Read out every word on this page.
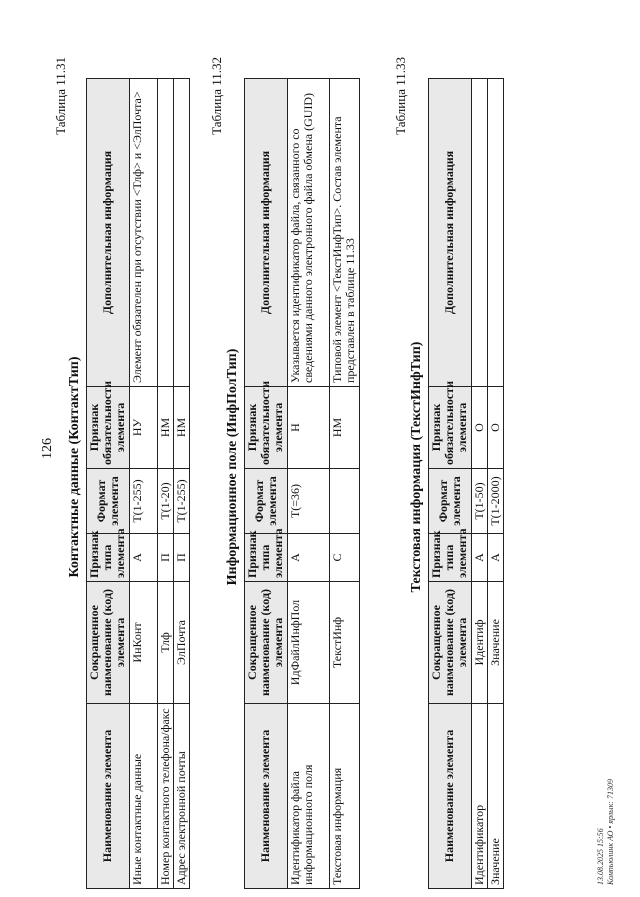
126
Таблица 11.31
Контактные данные (КонтактТип)
Наименование элемента	Сокращенное наименование (код) элемента	Признак типа элемента	Формат элемента	Признак обязательности элемента	Дополнительная информация
Иные контактные данные	ИнКонт	А	Т(1-255)	НУ	Элемент обязателен при отсутствии <Тлф> и <ЭлПочта>
Номер контактного телефона/факс	Тлф	П	Т(1-20)	НМ	
Адрес электронной почты	ЭлПочта	П	Т(1-255)	НМ	
Таблица 11.32
Информационное поле (ИнфПолТип)
Наименование элемента	Сокращенное наименование (код) элемента	Признак типа элемента	Формат элемента	Признак обязательности элемента	Дополнительная информация
Идентификатор файла информационного поля	ИдФайлИнфПол	А	Т(=36)	Н	Указывается идентификатор файла, связанного со сведениями данного электронного файла обмена (GUID)
Текстовая информация	ТекстИнф	С		НМ	Типовой элемент <ТекстИнфТип>. Состав элемента представлен в таблице 11.33
Таблица 11.33
Текстовая информация (ТекстИнфТип)
Наименование элемента	Сокращенное наименование (код) элемента	Признак типа элемента	Формат элемента	Признак обязательности элемента	Дополнительная информация
Идентификатор	Идентиф	А	Т(1-50)	О	
Значение	Значение	А	Т(1-2000)	О	
13.08.2025 15:56 Компьюлинк АО • ярлык: 71309
